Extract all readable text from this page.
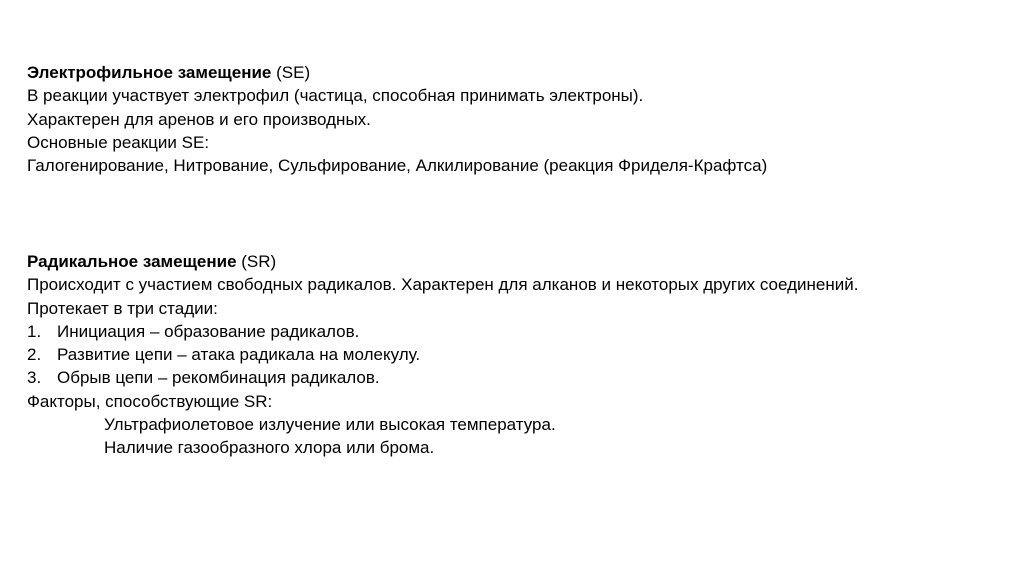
Электрофильное замещение (SE)
В реакции участвует электрофил (частица, способная принимать электроны).
Характерен для аренов и его производных.
Основные реакции SE:
Галогенирование, Нитрование, Сульфирование, Алкилирование (реакция Фриделя-Крафтса)
Радикальное замещение (SR)
Происходит с участием свободных радикалов. Характерен для алканов и некоторых других соединений.
Протекает в три стадии:
1. Инициация – образование радикалов.
2. Развитие цепи – атака радикала на молекулу.
3. Обрыв цепи – рекомбинация радикалов.
Факторы, способствующие SR:
Ультрафиолетовое излучение или высокая температура.
Наличие газообразного хлора или брома.
